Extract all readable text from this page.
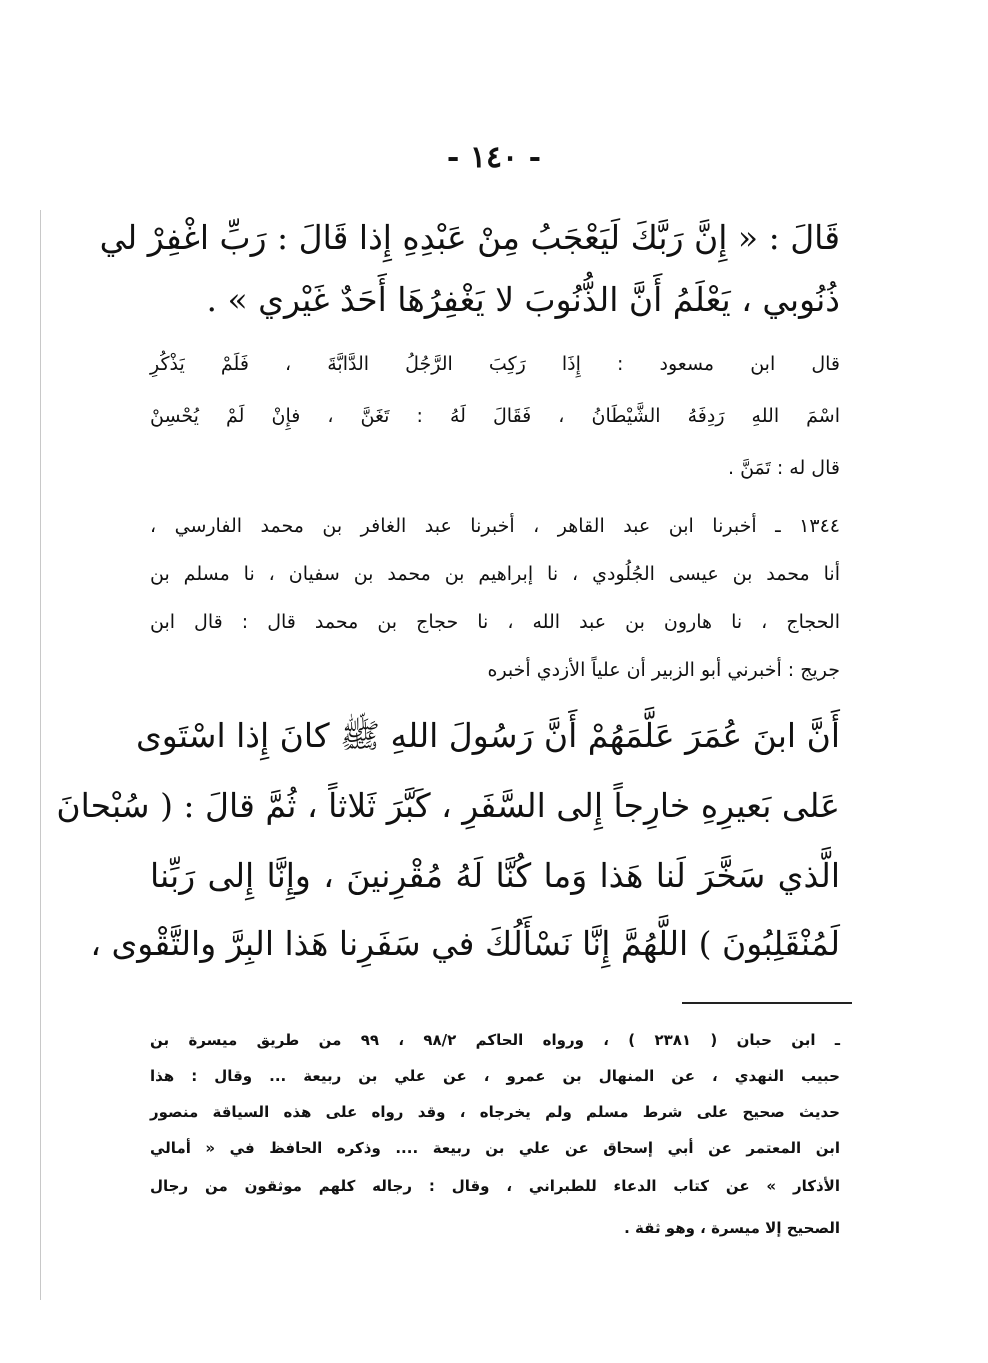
- ١٤٠ -
قَالَ : « إِنَّ رَبَّكَ لَيَعْجَبُ مِنْ عَبْدِهِ إِذا قَالَ : رَبِّ اغْفِرْ لي
ذُنُوبي ، يَعْلَمُ أَنَّ الذُّنُوبَ لا يَغْفِرُهَا أَحَدٌ غَيْري » .
قال ابن مسعود : إِذَا رَكِبَ الرَّجُلُ الدَّابَّةَ ، فَلَمْ يَذْكُرِ
اسْمَ اللهِ رَدِفَهُ الشَّيْطَانُ ، فَقَالَ لَهُ : تَغَنَّ ، فإِنْ لَمْ يُحْسِنْ
قال له : تَمَنَّ .
١٣٤٤ ـ أخبرنا ابن عبد القاهر ، أخبرنا عبد الغافر بن محمد الفارسي ،
أنا محمد بن عيسى الجُلُودي ، نا إبراهيم بن محمد بن سفيان ، نا مسلم بن
الحجاج ، نا هارون بن عبد الله ، نا حجاج بن محمد قال : قال ابن
جريج : أخبرني أبو الزبير أن علياً الأزدي أخبره
أَنَّ ابنَ عُمَرَ عَلَّمَهُمْ أَنَّ رَسُولَ اللهِ ﷺ كانَ إِذا اسْتَوى
عَلى بَعيرِهِ خارِجاً إِلى السَّفَرِ ، كَبَّرَ ثَلاثاً ، ثُمَّ قالَ : ( سُبْحانَ
الَّذي سَخَّرَ لَنا هَذا وَما كُنَّا لَهُ مُقْرِنينَ ، وإِنَّا إِلى رَبِّنا
لَمُنْقَلِبُونَ ) اللَّهُمَّ إِنَّا نَسْأَلُكَ في سَفَرِنا هَذا البِرَّ والتَّقْوى ،
ـ ابن حبان ( ٢٣٨١ ) ، ورواه الحاكم ٩٨/٢ ، ٩٩ من طريق ميسرة بن
حبيب النهدي ، عن المنهال بن عمرو ، عن علي بن ربيعة ... وقال : هذا
حديث صحيح على شرط مسلم ولم يخرجاه ، وقد رواه على هذه السياقة منصور
ابن المعتمر عن أبي إسحاق عن علي بن ربيعة .... وذكره الحافظ في « أمالي
الأذكار » عن كتاب الدعاء للطبراني ، وقال : رجاله كلهم موثقون من رجال
الصحيح إلا ميسرة ، وهو ثقة .
